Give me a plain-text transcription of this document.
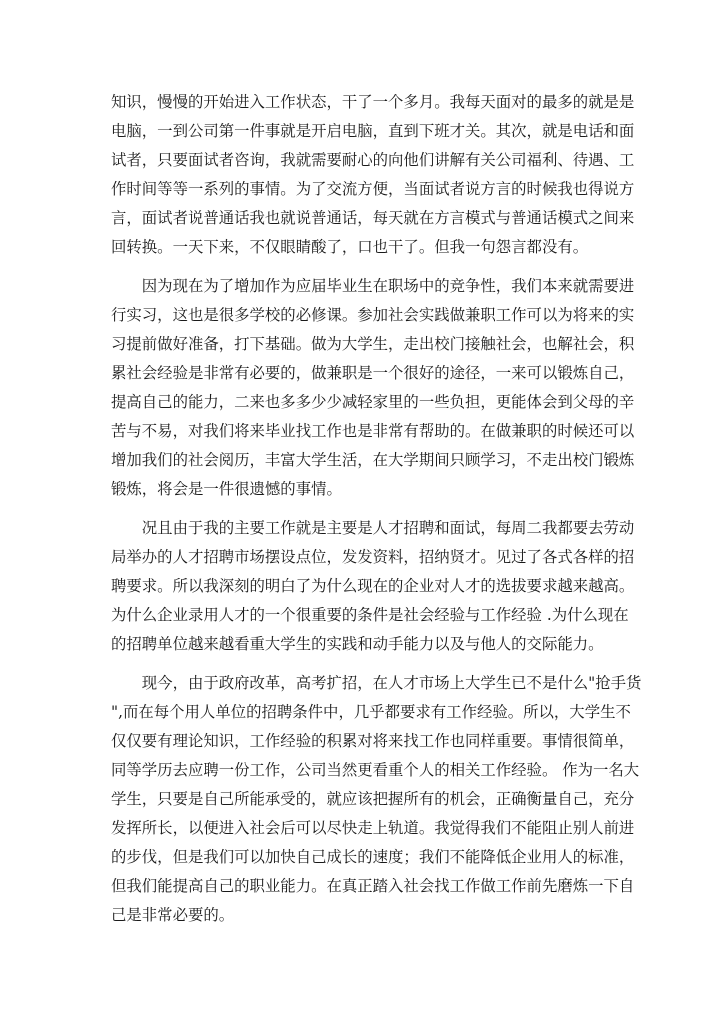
知识，慢慢的开始进入工作状态，干了一个多月。我每天面对的最多的就是是
电脑，一到公司第一件事就是开启电脑，直到下班才关。其次，就是电话和面
试者，只要面试者咨询，我就需要耐心的向他们讲解有关公司福利、待遇、工
作时间等等一系列的事情。为了交流方便，当面试者说方言的时候我也得说方
言，面试者说普通话我也就说普通话，每天就在方言模式与普通话模式之间来
回转换。一天下来，不仅眼睛酸了，口也干了。但我一句怨言都没有。
　　因为现在为了增加作为应届毕业生在职场中的竞争性，我们本来就需要进
行实习，这也是很多学校的必修课。参加社会实践做兼职工作可以为将来的实
习提前做好准备，打下基础。做为大学生，走出校门接触社会，也解社会，积
累社会经验是非常有必要的，做兼职是一个很好的途径，一来可以锻炼自己，
提高自己的能力，二来也多多少少减轻家里的一些负担，更能体会到父母的辛
苦与不易，对我们将来毕业找工作也是非常有帮助的。在做兼职的时候还可以
增加我们的社会阅历，丰富大学生活，在大学期间只顾学习，不走出校门锻炼
锻炼，将会是一件很遗憾的事情。
　　况且由于我的主要工作就是主要是人才招聘和面试，每周二我都要去劳动
局举办的人才招聘市场摆设点位，发发资料，招纳贤才。见过了各式各样的招
聘要求。所以我深刻的明白了为什么现在的企业对人才的选拔要求越来越高。
为什么企业录用人才的一个很重要的条件是社会经验与工作经验 .为什么现在
的招聘单位越来越看重大学生的实践和动手能力以及与他人的交际能力。
　　现今，由于政府改革，高考扩招，在人才市场上大学生已不是什么"抢手货
",而在每个用人单位的招聘条件中，几乎都要求有工作经验。所以，大学生不
仅仅要有理论知识，工作经验的积累对将来找工作也同样重要。事情很简单，
同等学历去应聘一份工作，公司当然更看重个人的相关工作经验。 作为一名大
学生，只要是自己所能承受的，就应该把握所有的机会，正确衡量自己，充分
发挥所长，以便进入社会后可以尽快走上轨道。我觉得我们不能阻止别人前进
的步伐，但是我们可以加快自己成长的速度；我们不能降低企业用人的标准，
但我们能提高自己的职业能力。在真正踏入社会找工作做工作前先磨炼一下自
己是非常必要的。
